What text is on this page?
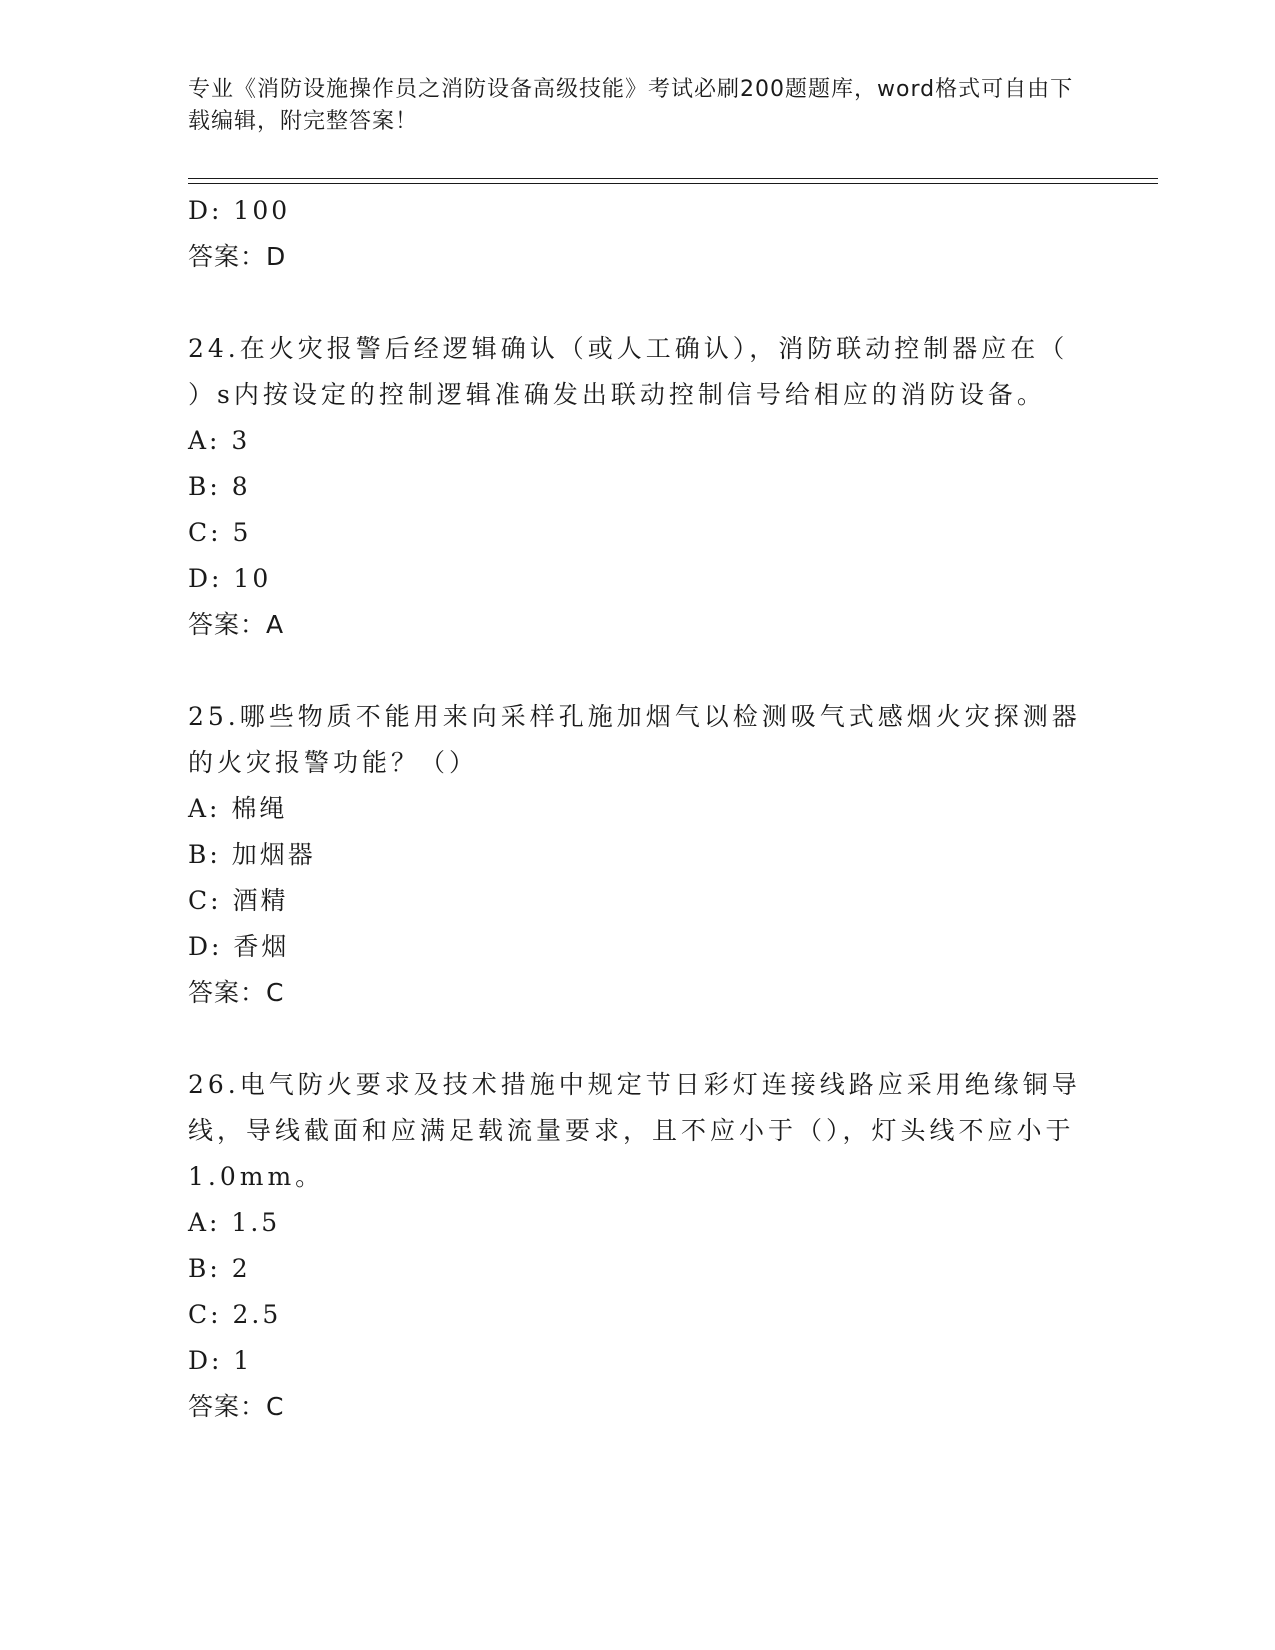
专业《消防设施操作员之消防设备高级技能》考试必刷200题题库，word格式可自由下载编辑，附完整答案！

D: 100

答案：D

24.在火灾报警后经逻辑确认（或人工确认），消防联动控制器应在（ ）s内按设定的控制逻辑准确发出联动控制信号给相应的消防设备。

A: 3

B: 8

C: 5

D: 10

答案：A

25.哪些物质不能用来向采样孔施加烟气以检测吸气式感烟火灾探测器的火灾报警功能？（）

A: 棉绳

B: 加烟器

C: 酒精

D: 香烟

答案：C

26.电气防火要求及技术措施中规定节日彩灯连接线路应采用绝缘铜导线，导线截面和应满足载流量要求，且不应小于（），灯头线不应小于1.0mm。

A: 1.5

B: 2

C: 2.5

D: 1

答案：C
